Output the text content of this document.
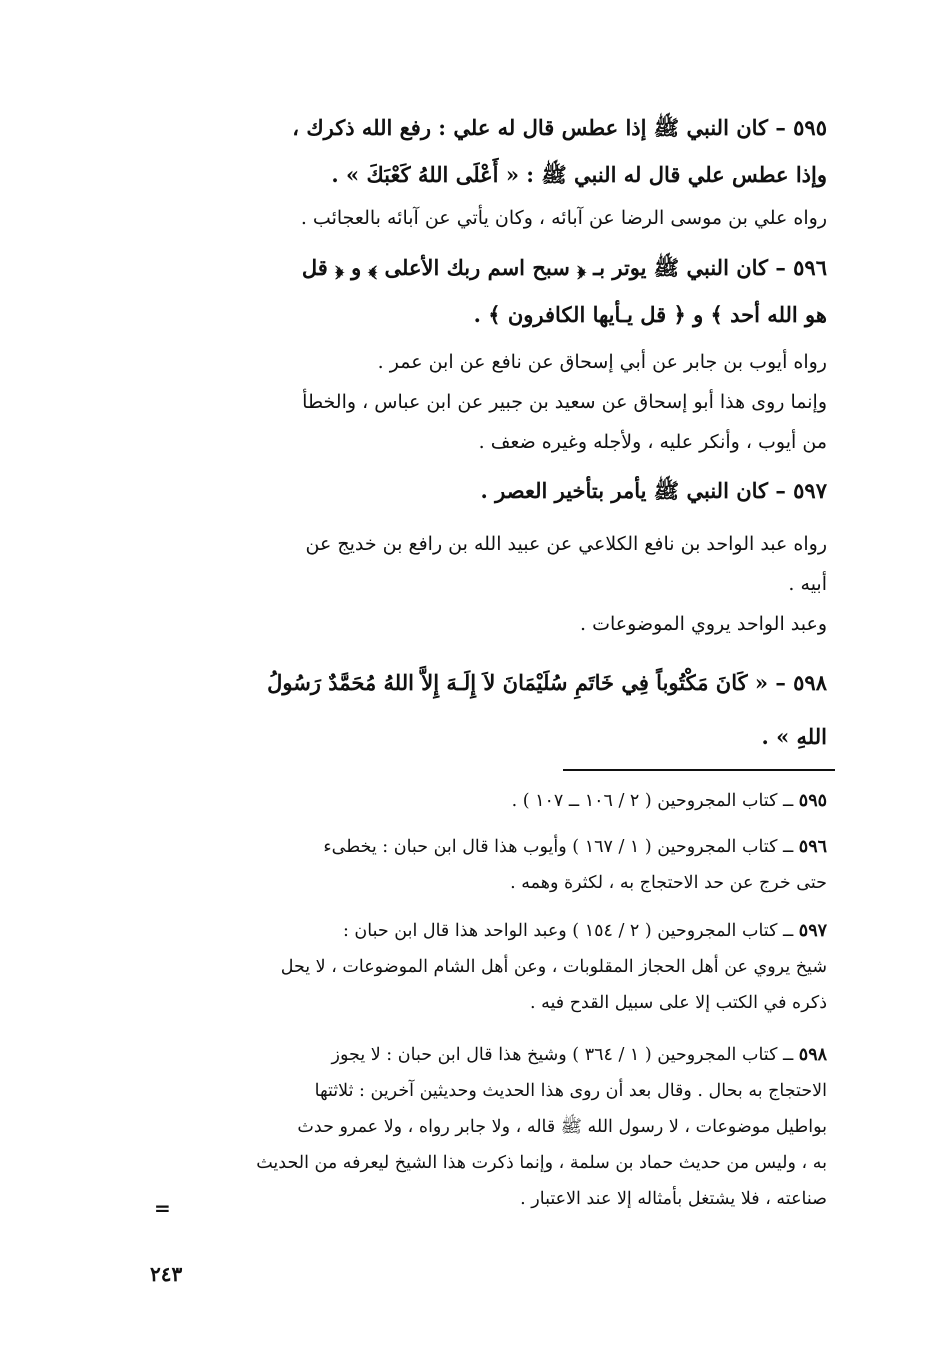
٥٩٥ – كان النبي ﷺ إذا عطس قال له علي : رفع الله ذكرك ،
وإذا عطس علي قال له النبي ﷺ : « أَعْلَى اللهُ كَعْبَكَ » .
رواه علي بن موسى الرضا عن آبائه ، وكان يأتي عن آبائه بالعجائب .
٥٩٦ – كان النبي ﷺ يوتر بـ ﴿ سبح اسم ربك الأعلى ﴾ و ﴿ قل
هو الله أحد ﴾ و ﴿ قل يـأيها الكافرون ﴾ .
رواه أيوب بن جابر عن أبي إسحاق عن نافع عن ابن عمر .
وإنما روى هذا أبو إسحاق عن سعيد بن جبير عن ابن عباس ، والخطأ
من أيوب ، وأنكر عليه ، ولأجله وغيره ضعف .
٥٩٧ – كان النبي ﷺ يأمر بتأخير العصر .
رواه عبد الواحد بن نافع الكلاعي عن عبيد الله بن رافع بن خديج عن
أبيه .
وعبد الواحد يروي الموضوعات .
٥٩٨ – « كَانَ مَكْتُوباً فِي خَاتَمِ سُلَيْمَانَ لاَ إِلَـهَ إِلاَّ اللهُ مُحَمَّدٌ رَسُولُ
اللهِ » .
٥٩٥ ــ كتاب المجروحين ( ٢ / ١٠٦ ــ ١٠٧ ) .
٥٩٦ ــ كتاب المجروحين ( ١ / ١٦٧ ) وأيوب هذا قال ابن حبان : يخطىء
حتى خرج عن حد الاحتجاج به ، لكثرة وهمه .
٥٩٧ ــ كتاب المجروحين ( ٢ / ١٥٤ ) وعبد الواحد هذا قال ابن حبان :
شيخ يروي عن أهل الحجاز المقلوبات ، وعن أهل الشام الموضوعات ، لا يحل
ذكره في الكتب إلا على سبيل القدح فيه .
٥٩٨ ــ كتاب المجروحين ( ١ / ٣٦٤ ) وشيخ هذا قال ابن حبان : لا يجوز
الاحتجاج به بحال . وقال بعد أن روى هذا الحديث وحديثين آخرين : ثلاثتها
بواطيل موضوعات ، لا رسول الله ﷺ قاله ، ولا جابر رواه ، ولا عمرو حدث
به ، وليس من حديث حماد بن سلمة ، وإنما ذكرت هذا الشيخ ليعرفه من الحديث
صناعته ، فلا يشتغل بأمثاله إلا عند الاعتبار .
=
٢٤٣
